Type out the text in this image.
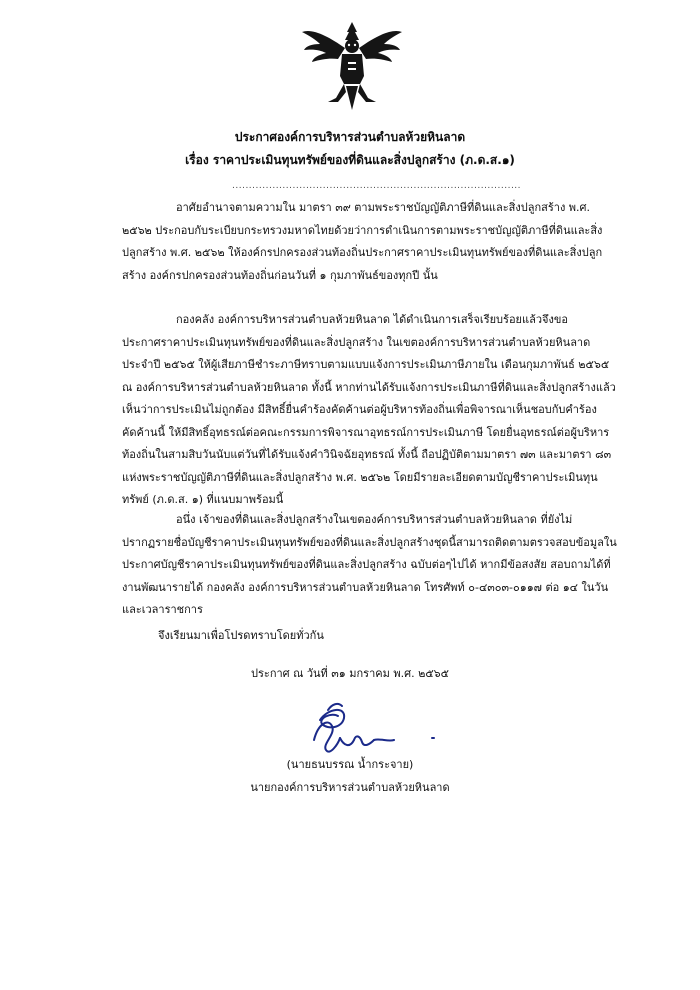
ประกาศองค์การบริหารส่วนตำบลห้วยหินลาด
เรื่อง ราคาประเมินทุนทรัพย์ของที่ดินและสิ่งปลูกสร้าง (ภ.ด.ส.๑)
......................................................................................
อาศัยอำนาจตามความใน มาตรา ๓๙ ตามพระราชบัญญัติภาษีที่ดินและสิ่งปลูกสร้าง พ.ศ.
๒๕๖๒ ประกอบกับระเบียบกระทรวงมหาดไทยด้วยว่าการดำเนินการตามพระราชบัญญัติภาษีที่ดินและสิ่ง
ปลูกสร้าง พ.ศ. ๒๕๖๒ ให้องค์กรปกครองส่วนท้องถิ่นประกาศราคาประเมินทุนทรัพย์ของที่ดินและสิ่งปลูก
สร้าง องค์กรปกครองส่วนท้องถิ่นก่อนวันที่ ๑ กุมภาพันธ์ของทุกปี นั้น
กองคลัง องค์การบริหารส่วนตำบลห้วยหินลาด ได้ดำเนินการเสร็จเรียบร้อยแล้วจึงขอ
ประกาศราคาประเมินทุนทรัพย์ของที่ดินและสิ่งปลูกสร้าง ในเขตองค์การบริหารส่วนตำบลห้วยหินลาด
ประจำปี ๒๕๖๕ ให้ผู้เสียภาษีชำระภาษีทราบตามแบบแจ้งการประเมินภาษีภายใน เดือนกุมภาพันธ์ ๒๕๖๕
ณ องค์การบริหารส่วนตำบลห้วยหินลาด ทั้งนี้ หากท่านได้รับแจ้งการประเมินภาษีที่ดินและสิ่งปลูกสร้างแล้ว
เห็นว่าการประเมินไม่ถูกต้อง มีสิทธิ์ยื่นคำร้องคัดค้านต่อผู้บริหารท้องถิ่นเพื่อพิจารณาเห็นชอบกับคำร้อง
คัดค้านนี้ ให้มีสิทธิ์อุทธรณ์ต่อคณะกรรมการพิจารณาอุทธรณ์การประเมินภาษี โดยยื่นอุทธรณ์ต่อผู้บริหาร
ท้องถิ่นในสามสิบวันนับแต่วันที่ได้รับแจ้งคำวินิจฉัยอุทธรณ์ ทั้งนี้ ถือปฏิบัติตามมาตรา ๗๓ และมาตรา ๘๓
แห่งพระราชบัญญัติภาษีที่ดินและสิ่งปลูกสร้าง พ.ศ. ๒๕๖๒ โดยมีรายละเอียดตามบัญชีราคาประเมินทุน
ทรัพย์ (ภ.ด.ส. ๑) ที่แนบมาพร้อมนี้
อนึ่ง เจ้าของที่ดินและสิ่งปลูกสร้างในเขตองค์การบริหารส่วนตำบลห้วยหินลาด ที่ยังไม่
ปรากฏรายชื่อบัญชีราคาประเมินทุนทรัพย์ของที่ดินและสิ่งปลูกสร้างชุดนี้สามารถติดตามตรวจสอบข้อมูลใน
ประกาศบัญชีราคาประเมินทุนทรัพย์ของที่ดินและสิ่งปลูกสร้าง ฉบับต่อๆไปได้ หากมีข้อสงสัย สอบถามได้ที่
งานพัฒนารายได้ กองคลัง องค์การบริหารส่วนตำบลห้วยหินลาด โทรศัพท์ ๐-๔๓๐๓-๐๑๑๗ ต่อ ๑๔ ในวัน
และเวลาราชการ
จึงเรียนมาเพื่อโปรดทราบโดยทั่วกัน
ประกาศ ณ วันที่ ๓๑ มกราคม พ.ศ. ๒๕๖๕
(นายธนบรรณ น้ำกระจาย)
นายกองค์การบริหารส่วนตำบลห้วยหินลาด
